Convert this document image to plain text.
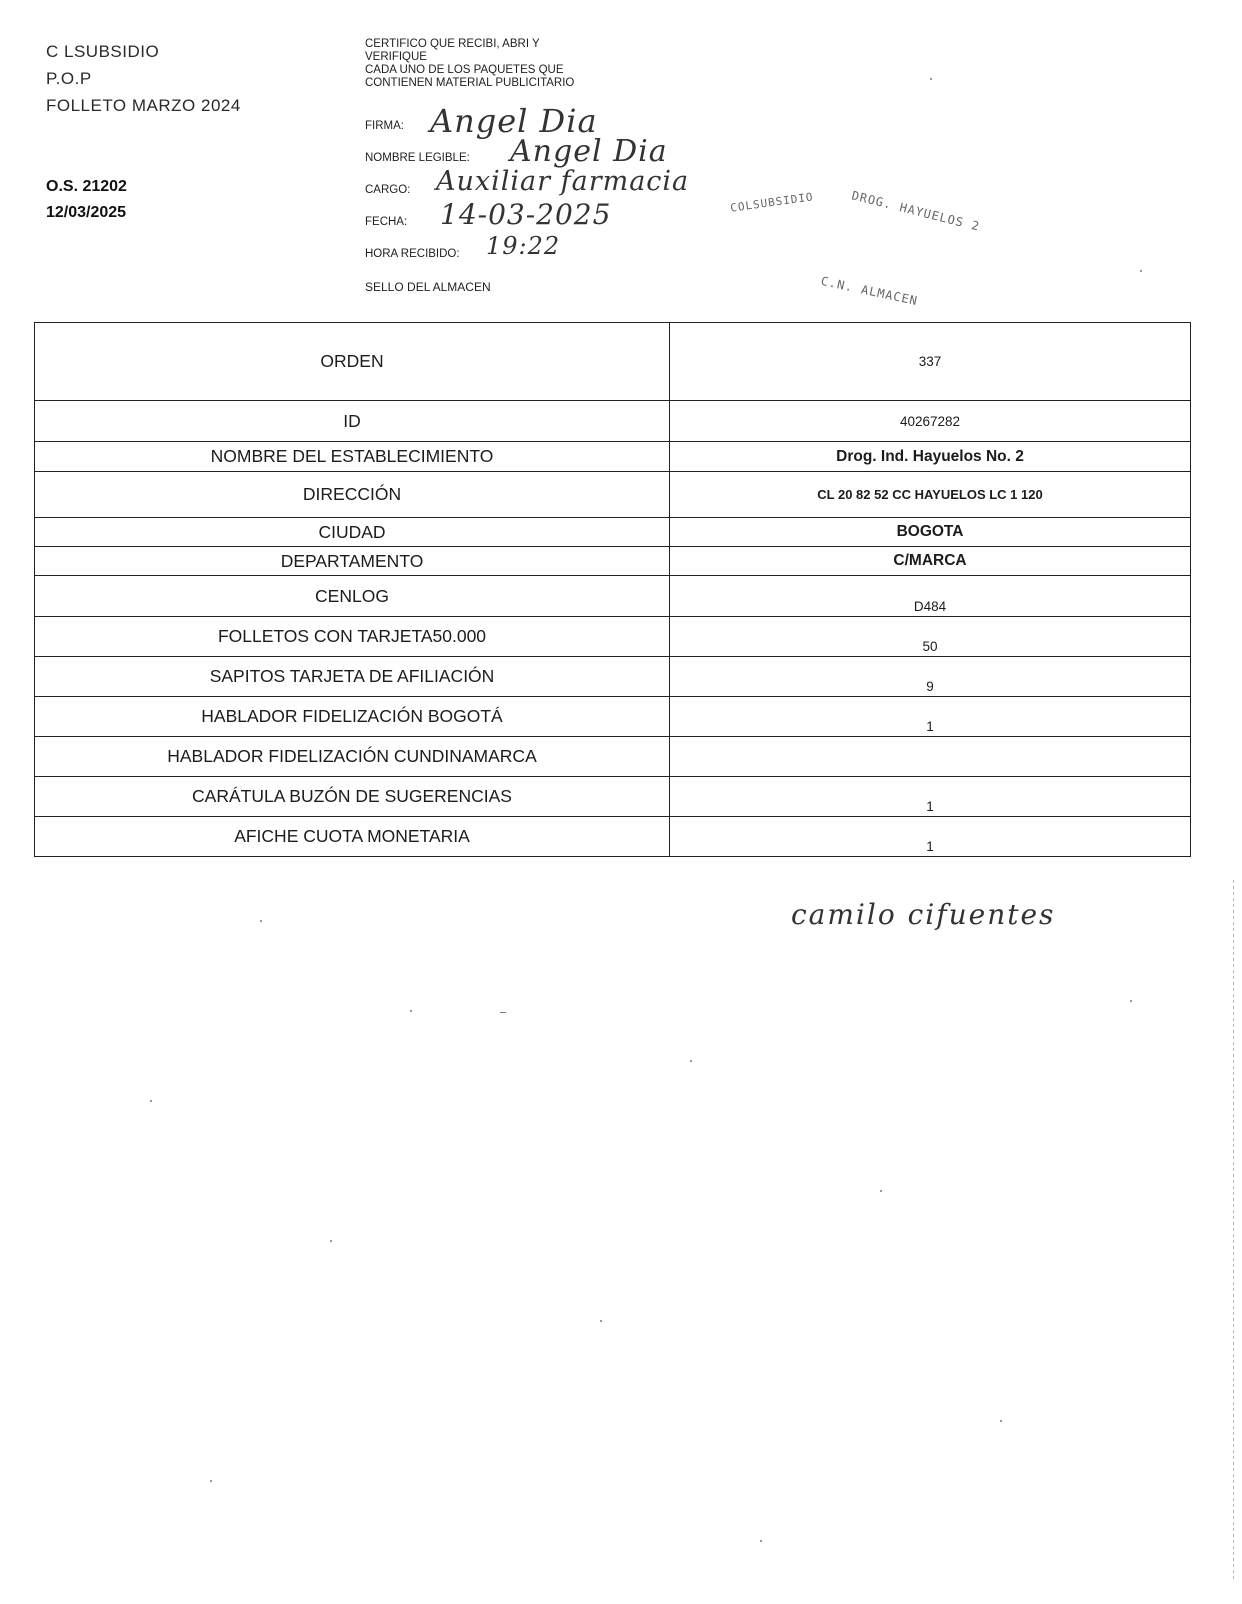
C LSUBSIDIO
P.O.P
FOLLETO MARZO 2024
O.S. 21202
12/03/2025
CERTIFICO QUE RECIBI, ABRI Y
VERIFIQUE
CADA UNO DE LOS PAQUETES QUE
CONTIENEN MATERIAL PUBLICITARIO
FIRMA: Angel Dia
NOMBRE LEGIBLE: Angel Dia
CARGO: Auxiliar farmacia
FECHA: 14-03-2025
HORA RECIBIDO: 19:22
SELLO DEL ALMACEN
COLSUBSIDIO	DROG. HAYUELOS 2
C.N. ALMACEN
ORDEN	337
ID	40267282
NOMBRE DEL ESTABLECIMIENTO	Drog. Ind. Hayuelos No. 2
DIRECCIÓN	CL 20 82 52 CC HAYUELOS LC 1 120
CIUDAD	BOGOTA
DEPARTAMENTO	C/MARCA
CENLOG	D484
FOLLETOS CON TARJETA50.000	50
SAPITOS TARJETA DE AFILIACIÓN	9
HABLADOR FIDELIZACIÓN BOGOTÁ	1
HABLADOR FIDELIZACIÓN CUNDINAMARCA	
CARÁTULA BUZÓN DE SUGERENCIAS	1
AFICHE CUOTA MONETARIA	1
camilo cifuentes
